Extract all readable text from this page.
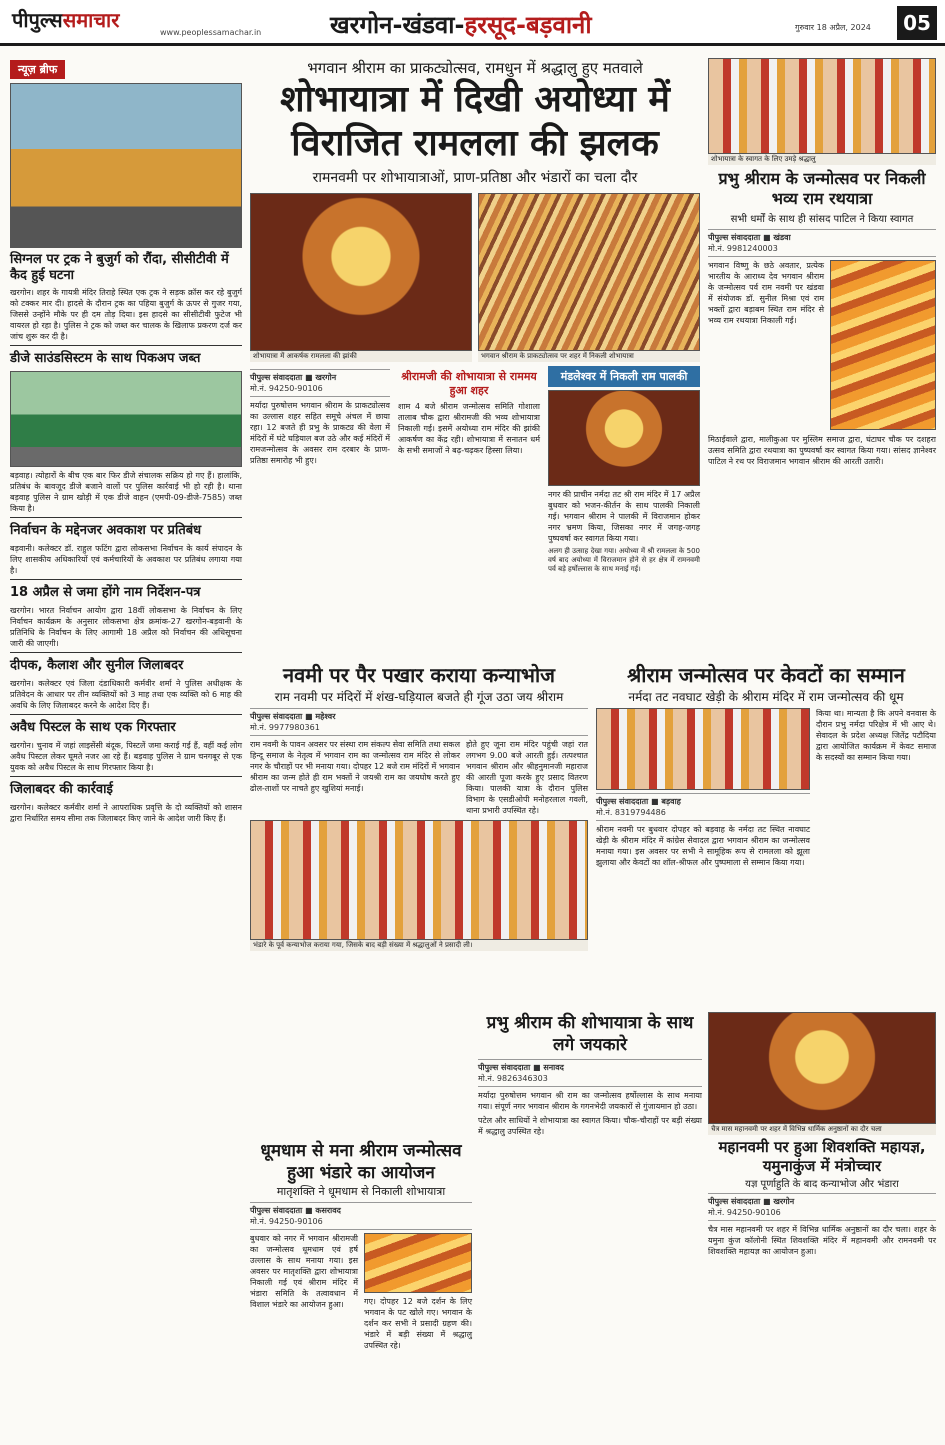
पीपुल्ससमाचार
www.peoplessamachar.in	खरगोन-खंडवा-हरसूद-बड़वानी	गुरुवार 18 अप्रैल, 2024	05
न्यूज़ ब्रीफ
सिग्नल पर ट्रक ने बुजुर्ग को रौंदा, सीसीटीवी में कैद हुई घटना
खरगोन। शहर के गायत्री मंदिर तिराहे स्थित एक ट्रक ने सड़क क्रॉस कर रहे बुजुर्ग को टक्कर मार दी। हादसे के दौरान ट्रक का पहिया बुजुर्ग के ऊपर से गुजर गया, जिससे उन्होंने मौके पर ही दम तोड़ दिया। इस हादसे का सीसीटीवी फुटेज भी वायरल हो रहा है। पुलिस ने ट्रक को जब्त कर चालक के खिलाफ प्रकरण दर्ज कर जांच शुरू कर दी है।
डीजे साउंडसिस्टम के साथ पिकअप जब्त
बड़वाह। त्योहारों के बीच एक बार फिर डीजे संचालक सक्रिय हो गए हैं। हालांकि, प्रतिबंध के बावजूद डीजे बजाने वालों पर पुलिस कार्रवाई भी हो रही है। थाना बड़वाह पुलिस ने ग्राम खोड़ी में एक डीजे वाहन (एमपी-09-डीजे-7585) जब्त किया है।
निर्वाचन के मद्देनजर अवकाश पर प्रतिबंध
बड़वानी। कलेक्टर डॉ. राहुल फटिंग द्वारा लोकसभा निर्वाचन के कार्य संपादन के लिए शासकीय अधिकारियों एवं कर्मचारियों के अवकाश पर प्रतिबंध लगाया गया है।
18 अप्रैल से जमा होंगे नाम निर्देशन-पत्र
खरगोन। भारत निर्वाचन आयोग द्वारा 18वीं लोकसभा के निर्वाचन के लिए निर्वाचन कार्यक्रम के अनुसार लोकसभा क्षेत्र क्रमांक-27 खरगोन-बड़वानी के प्रतिनिधि के निर्वाचन के लिए आगामी 18 अप्रैल को निर्वाचन की अधिसूचना जारी की जाएगी।
दीपक, कैलाश और सुनील जिलाबदर
खरगोन। कलेक्टर एवं जिला दंडाधिकारी कर्मवीर शर्मा ने पुलिस अधीक्षक के प्रतिवेदन के आधार पर तीन व्यक्तियों को 3 माह तथा एक व्यक्ति को 6 माह की अवधि के लिए जिलाबदर करने के आदेश दिए हैं।
अवैध पिस्टल के साथ एक गिरफ्तार
खरगोन। चुनाव में जहां लाइसेंसी बंदूक, पिस्टलें जमा कराई गई हैं, वहीं कई लोग अवैध पिस्टल लेकर घूमते नजर आ रहे हैं। बड़वाह पुलिस ने ग्राम चनगबूर से एक युवक को अवैध पिस्टल के साथ गिरफ्तार किया है।
जिलाबदर की कार्रवाई
खरगोन। कलेक्टर कर्मवीर शर्मा ने आपराधिक प्रवृत्ति के दो व्यक्तियों को शासन द्वारा निर्धारित समय सीमा तक जिलाबदर किए जाने के आदेश जारी किए हैं।
भगवान श्रीराम का प्राकट्योत्सव, रामधुन में श्रद्धालु हुए मतवाले
शोभायात्रा में दिखी अयोध्या में
विराजित रामलला की झलक
रामनवमी पर शोभायात्राओं, प्राण-प्रतिष्ठा और भंडारों का चला दौर
शोभायात्रा में आकर्षक रामलला की झांकी	भगवान श्रीराम के प्राकट्योत्सव पर शहर में निकली शोभायात्रा
पीपुल्स संवाददाता ■ खरगोन
मो.नं. 94250-90106
मर्यादा पुरुषोत्तम भगवान श्रीराम के प्राकट्योत्सव का उल्लास शहर सहित समूचे अंचल में छाया रहा। 12 बजते ही प्रभु के प्राकट्य की वेला में मंदिरों में घंटे घड़ियाल बज उठे और कई मंदिरों में रामजन्मोत्सव के अवसर राम दरबार के प्राण-प्रतिष्ठा समारोह भी हुए।
श्रीरामजी की शोभायात्रा से राममय हुआ शहर
शाम 4 बजे श्रीराम जन्मोत्सव समिति गोशाला तालाब चौक द्वारा श्रीरामजी की भव्य शोभायात्रा निकाली गई। इसमें अयोध्या राम मंदिर की झांकी आकर्षण का केंद्र रही। शोभायात्रा में सनातन धर्म के सभी समाजों ने बढ़-चढ़कर हिस्सा लिया।
मंडलेश्वर में निकली राम पालकी
नगर की प्राचीन नर्मदा तट श्री राम मंदिर में 17 अप्रैल बुधवार को भजन-कीर्तन के साथ पालकी निकाली गई। भगवान श्रीराम ने पालकी में विराजमान होकर नगर भ्रमण किया, जिसका नगर में जगह-जगह पुष्पवर्षा कर स्वागत किया गया।
अलग ही उत्साह देखा गया। अयोध्या में श्री रामलला के 500 वर्ष बाद अयोध्या में विराजमान होने से हर क्षेत्र में रामनवमी पर्व बड़े हर्षोल्लास के साथ मनाई गई।
शोभायात्रा के स्वागत के लिए उमड़े श्रद्धालु
प्रभु श्रीराम के जन्मोत्सव पर निकली भव्य राम रथयात्रा
सभी धर्मों के साथ ही सांसद पाटिल ने किया स्वागत
पीपुल्स संवाददाता ■ खंडवा
मो.नं. 9981240003
भगवान विष्णु के छठे अवतार, प्रत्येक भारतीय के आराध्य देव भगवान श्रीराम के जन्मोत्सव पर्व राम नवमी पर खंडवा में संयोजक डॉ. सुनील मिश्रा एवं राम भक्तों द्वारा बड़ाबम स्थित राम मंदिर से भव्य राम रथयात्रा निकाली गई।
मिठाईवाले द्वारा, मालीकुआ पर मुस्लिम समाज द्वारा, घंटाघर चौक पर दशहरा उत्सव समिति द्वारा रथयात्रा का पुष्पवर्षा कर स्वागत किया गया। सांसद ज्ञानेश्वर पाटिल ने रथ पर विराजमान भगवान श्रीराम की आरती उतारी।
नवमी पर पैर पखार कराया कन्याभोज
राम नवमी पर मंदिरों में शंख-घड़ियाल बजते ही गूंज उठा जय श्रीराम
पीपुल्स संवाददाता ■ महेश्वर
मो.नं. 9977980361
राम नवमी के पावन अवसर पर संस्था राम संकल्प सेवा समिति तथा सकल हिन्दू समाज के नेतृत्व में भगवान राम का जन्मोत्सव राम मंदिर से लोकर नगर के चौराहों पर भी मनाया गया। दोपहर 12 बजे राम मंदिरों में भगवान श्रीराम का जन्म होते ही राम भक्तों ने जयश्री राम का जयघोष करते हुए ढोल-ताशों पर नाचते हुए खुशियां मनाई।
होते हुए जूना राम मंदिर पहुंची जहां रात लगभग 9.00 बजे आरती हुई। तत्पश्चात भगवान श्रीराम और श्रीहनुमानजी महाराज की आरती पूजा करके हुए प्रसाद वितरण किया। पालकी यात्रा के दौरान पुलिस विभाग के एसडीओपी मनोहरलाल गवली, थाना प्रभारी उपस्थित रहे।
भंडारे के पूर्व कन्याभोज कराया गया, जिसके बाद बड़ी संख्या में श्रद्धालुओं ने प्रसादी ली।
श्रीराम जन्मोत्सव पर केवटों का सम्मान
नर्मदा तट नवघाट खेड़ी के श्रीराम मंदिर में राम जन्मोत्सव की धूम
पीपुल्स संवाददाता ■ बड़वाह
मो.नं. 8319794486
श्रीराम नवमी पर बुधवार दोपहर को बड़वाह के नर्मदा तट स्थित नावघाट खेड़ी के श्रीराम मंदिर में कांग्रेस सेवादल द्वारा भगवान श्रीराम का जन्मोत्सव मनाया गया। इस अवसर पर सभी ने सामूहिक रूप से रामलला को झूला झुलाया और केवटों का शॉल-श्रीफल और पुष्पमाला से सम्मान किया गया।
किया था। मान्यता है कि अपने वनवास के दौरान प्रभु नर्मदा परिक्षेत्र में भी आए थे। सेवादल के प्रदेश अध्यक्ष जितेंद्र पटौदिया द्वारा आयोजित कार्यक्रम में केवट समाज के सदस्यों का सम्मान किया गया।
प्रभु श्रीराम की शोभायात्रा के साथ लगे जयकारे
पीपुल्स संवाददाता ■ सनावद
मो.नं. 9826346303
मर्यादा पुरुषोत्तम भगवान श्री राम का जन्मोत्सव हर्षोल्लास के साथ मनाया गया। संपूर्ण नगर भगवान श्रीराम के गगनभेदी जयकारों से गुंजायमान हो उठा।
पटेल और साधियों ने शोभायात्रा का स्वागत किया। चौक-चौराहों पर बड़ी संख्या में श्रद्धालु उपस्थित रहे।
धूमधाम से मना श्रीराम जन्मोत्सव हुआ भंडारे का आयोजन
मातृशक्ति ने धूमधाम से निकाली शोभायात्रा
पीपुल्स संवाददाता ■ कसरावद
मो.नं. 94250-90106
बुधवार को नगर में भगवान श्रीरामजी का जन्मोत्सव धूमधाम एवं हर्ष उल्लास के साथ मनाया गया। इस अवसर पर मातृशक्ति द्वारा शोभायात्रा निकाली गई एवं श्रीराम मंदिर में भंडारा समिति के तत्वावधान में विशाल भंडारे का आयोजन हुआ।	गए। दोपहर 12 बजे दर्शन के लिए भगवान के पट खोले गए। भगवान के दर्शन कर सभी ने प्रसादी ग्रहण की। भंडारे में बड़ी संख्या में श्रद्धालु उपस्थित रहे।
चैत्र मास महानवमी पर शहर में विभिन्न धार्मिक अनुष्ठानों का दौर चला
महानवमी पर हुआ शिवशक्ति महायज्ञ, यमुनाकुंज में मंत्रोच्चार
यज्ञ पूर्णाहुति के बाद कन्याभोज और भंडारा
पीपुल्स संवाददाता ■ खरगोन
मो.नं. 94250-90106
चैत्र मास महानवमी पर शहर में विभिन्न धार्मिक अनुष्ठानों का दौर चला। शहर के यमुना कुंज कॉलोनी स्थित शिवशक्ति मंदिर में महानवमी और रामनवमी पर शिवशक्ति महायज्ञ का आयोजन हुआ।
